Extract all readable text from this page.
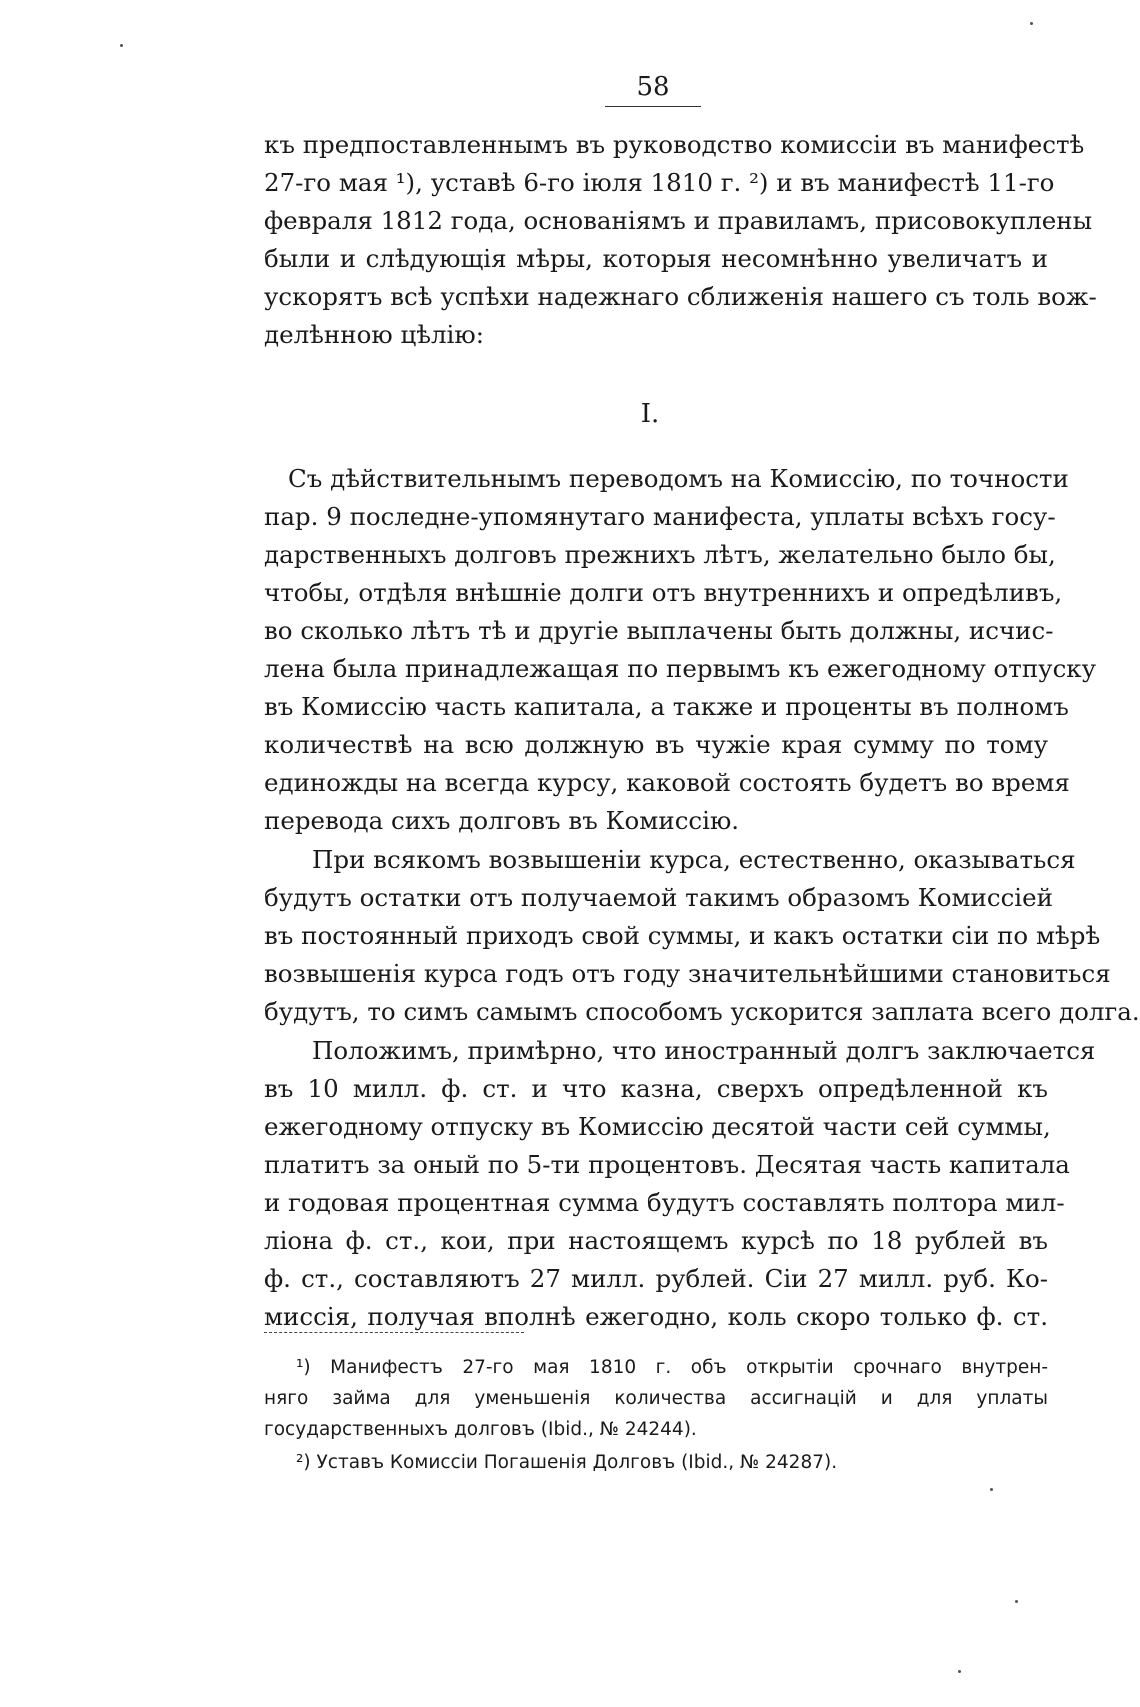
58
къ предпоставленнымъ въ руководство комиссіи въ манифестѣ
27-го мая ¹), уставѣ 6-го іюля 1810 г. ²) и въ манифестѣ 11-го
февраля 1812 года, основаніямъ и правиламъ, присовокуплены
были и слѣдующія мѣры, которыя несомнѣнно увеличатъ и
ускорятъ всѣ успѣхи надежнаго сближенія нашего съ толь вож-
делѣнною цѣлію:
I.
Съ дѣйствительнымъ переводомъ на Комиссію, по точности
пар. 9 последне-упомянутаго манифеста, уплаты всѣхъ госу-
дарственныхъ долговъ прежнихъ лѣтъ, желательно было бы,
чтобы, отдѣля внѣшніе долги отъ внутреннихъ и опредѣливъ,
во сколько лѣтъ тѣ и другіе выплачены быть должны, исчис-
лена была принадлежащая по первымъ къ ежегодному отпуску
въ Комиссію часть капитала, а также и проценты въ полномъ
количествѣ на всю должную въ чужіе края сумму по тому
единожды на всегда курсу, каковой состоять будетъ во время
перевода сихъ долговъ въ Комиссію.
При всякомъ возвышеніи курса, естественно, оказываться
будутъ остатки отъ получаемой такимъ образомъ Комиссіей
въ постоянный приходъ свой суммы, и какъ остатки сіи по мѣрѣ
возвышенія курса годъ отъ году значительнѣйшими становиться
будутъ, то симъ самымъ способомъ ускорится заплата всего долга.
Положимъ, примѣрно, что иностранный долгъ заключается
въ 10 милл. ф. ст. и что казна, сверхъ опредѣленной къ
ежегодному отпуску въ Комиссію десятой части сей суммы,
платитъ за оный по 5-ти процентовъ. Десятая часть капитала
и годовая процентная сумма будутъ составлять полтора мил-
ліона ф. ст., кои, при настоящемъ курсѣ по 18 рублей въ
ф. ст., составляютъ 27 милл. рублей. Сіи 27 милл. руб. Ко-
миссія, получая вполнѣ ежегодно, коль скоро только ф. ст.
¹) Манифестъ 27-го мая 1810 г. объ открытіи срочнаго внутрен-
няго займа для уменьшенія количества ассигнацій и для уплаты
государственныхъ долговъ (Ibid., № 24244).
²) Уставъ Комиссіи Погашенія Долговъ (Ibid., № 24287).
